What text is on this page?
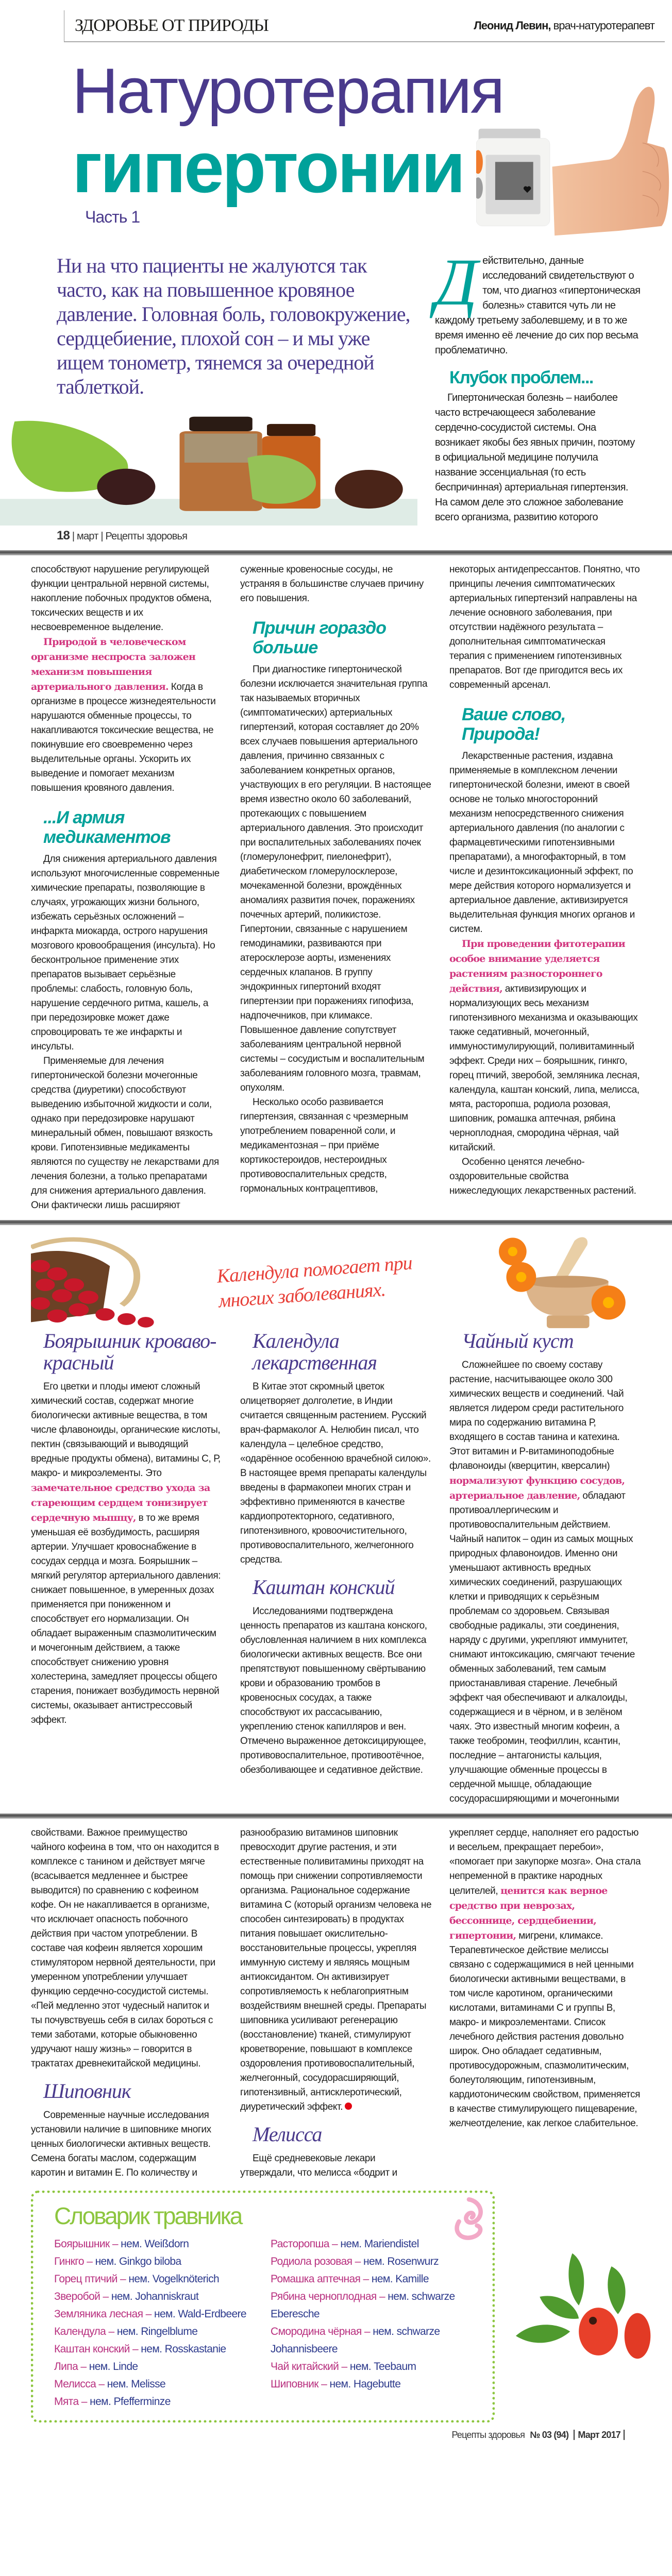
ЗДОРОВЬЕ ОТ ПРИРОДЫ	Леонид Левин, врач-натуротерапевт
Натуротерапия
гипертонии
Часть 1
Ни на что пациенты не жалуются так часто, как на повышенное кровяное давление. Головная боль, головокружение, сердцебиение, плохой сон – и мы уже ищем тонометр, тянемся за очередной таблеткой.
18 | март | Рецепты здоровья
Д ействительно, данные исследований свидетельствуют о том, что диагноз «гипертоническая болезнь» ставится чуть ли не каждому третьему заболевшему, и в то же время именно её лечение до сих пор весьма проблематично.
Клубок проблем...

Гипертоническая болезнь – наиболее часто встречающееся заболевание сердечно-сосудистой системы. Она возникает якобы без явных причин, поэтому в официальной медицине получила название эссенциальная (то есть беспричинная) артериальная гипертензия. На самом деле это сложное заболевание всего организма, развитию которого

способствуют нарушение регулирующей функции центральной нервной системы, накопление побочных продуктов обмена, токсических веществ и их несвоевременное выделение.

Природой в человеческом организме неспроста заложен механизм повышения артериального давления. Когда в организме в процессе жизнедеятельности нарушаются обменные процессы, то накапливаются токсические вещества, не покинувшие его своевременно через выделительные органы. Ускорить их выведение и помогает механизм повышения кровяного давления.

...И армия медикаментов

Для снижения артериального давления используют многочисленные современные химические препараты, позволяющие в случаях, угрожающих жизни больного, избежать серьёзных осложнений – инфаркта миокарда, острого нарушения мозгового кровообращения (инсульта). Но бесконтрольное применение этих препаратов вызывает серьёзные проблемы: слабость, головную боль, нарушение сердечного ритма, кашель, а при передозировке может даже спровоцировать те же инфаркты и инсульты.

Применяемые для лечения гипертонической болезни мочегонные средства (диуретики) способствуют выведению избыточной жидкости и соли, однако при передозировке нарушают минеральный обмен, повышают вязкость крови. Гипотензивные медикаменты являются по существу не лекарствами для лечения болезни, а только препаратами

для снижения артериального давления. Они фактически лишь расширяют суженные кровеносные сосуды, не устраняя в большинстве случаев причину его повышения.

Причин гораздо больше

При диагностике гипертонической болезни исключается значительная группа так называемых вторичных (симптоматических) артериальных гипертензий, которая составляет до 20% всех случаев повышения артериального давления, причинно связанных с заболеванием конкретных органов, участвующих в его регуляции. В настоящее время известно около 60 заболеваний, протекающих с повышением артериального давления. Это происходит при воспалительных заболеваниях почек (гломерулонефрит, пиелонефрит), диабетическом гломерулосклерозе, мочекаменной болезни, врождённых аномалиях развития почек, поражениях почечных артерий, поликистозе. Гипертонии, связанные с нарушением гемодинамики, развиваются при атеросклерозе аорты, изменениях сердечных клапанов. В группу эндокринных гипертоний входят гипертензии при поражениях гипофиза, надпочечников, при климаксе. Повышенное давление сопутствует заболеваниям центральной нервной системы – сосудистым и воспалительным заболеваниям головного мозга, травмам, опухолям.

Несколько особо развивается гипертензия, связанная с чрезмерным употреблением поваренной соли, и медикаментозная – при приёме кортикостероидов, нестероидных противовоспалительных средств, гормональных контрацептивов,

некоторых антидепрессантов. Понятно, что принципы лечения симптоматических артериальных гипертензий направлены на лечение основного заболевания, при отсутствии надёжного результата – дополнительная симптоматическая терапия с применением гипотензивных препаратов. Вот где пригодится весь их современный арсенал.

Ваше слово, Природа!

Лекарственные растения, издавна применяемые в комплексном лечении гипертонической болезни, имеют в своей основе не только многосторонний механизм непосредственного снижения артериального давления (по аналогии с фармацевтическими гипотензивными препаратами), а многофакторный, в том числе и дезинтоксикационный эффект, по мере действия которого нормализуется и артериальное давление, активизируется выделительная функция многих органов и систем.

При проведении фитотерапии особое внимание уделяется растениям разностороннего действия, активизирующих и нормализующих весь механизм гипотензивного механизма и оказывающих также седативный, мочегонный, иммуностимулирующий, поливитаминный эффект. Среди них – боярышник, гинкго, горец птичий, зверобой, земляника лесная, календула, каштан конский, липа, мелисса, мята, расторопша, родиола розовая, шиповник, ромашка аптечная, рябина черноплодная, смородина чёрная, чай китайский.

Особенно ценятся лечебно-оздоровительные свойства нижеследующих лекарственных растений.

Календула помогает при многих заболеваниях.
Боярышник кроваво-красный

Его цветки и плоды имеют сложный химический состав, содержат многие биологически активные вещества, в том числе флавоноиды, органические кислоты, пектин (связывающий и выводящий вредные продукты обмена), витамины С, Р, макро- и микроэлементы. Это замечательное средство ухода за стареющим сердцем тонизирует сердечную мышцу, в то же время уменьшая её возбудимость, расширяя артерии. Улучшает кровоснабжение в сосудах сердца и мозга. Боярышник – мягкий регулятор артериального давления: снижает повышенное, в умеренных дозах применяется при пониженном и способствует его нормализации. Он обладает выраженным спазмолитическим и мочегонным действием, а также способствует снижению уровня холестерина, замедляет процессы общего старения, понижает возбудимость нервной системы, оказывает антистрессовый эффект.

Календула лекарственная

В Китае этот скромный цветок олицетворяет долголетие, в Индии считается священным растением. Русский врач-фармаколог А. Нелюбин писал, что календула – целебное средство, «одарённое особенною врачебной силою». В настоящее время препараты календулы введены в фармакопеи многих стран и эффективно применяются в качестве кардиопротекторного, седативного, гипотензивного, кровоочистительного, противовоспалительного, желчегонного средства.

Каштан конский

Исследованиями подтверждена ценность препаратов из каштана конского, обусловленная наличием в них комплекса биологически активных веществ. Все они препятствуют повышенному свёртыванию крови и образованию тромбов в кровеносных сосудах, а также способствуют их рассасыванию, укреплению стенок капилляров и вен. Отмечено выраженное детоксицирующее, противовоспалительное, противоотёчное, обезболивающее и седативное действие.

Чайный куст

Сложнейшее по своему составу растение, насчитывающее около 300 химических веществ и соединений. Чай является лидером среди растительного мира по содержанию витамина Р, входящего в состав танина и катехина. Этот витамин и Р-витаминоподобные флавоноиды (кверцитин, кверсалин) нормализуют функцию сосудов, артериальное давление, обладают противоаллергическим и противовоспалительным действием. Чайный напиток – один из самых мощных природных флавоноидов. Именно они уменьшают активность вредных химических соединений, разрушающих клетки и приводящих к серьёзным проблемам со здоровьем. Связывая свободные радикалы, эти соединения, наряду с другими, укрепляют иммунитет, снимают интоксикацию, смягчают течение обменных заболеваний, тем самым приостанавливая старение. Лечебный эффект чая обеспечивают и алкалоиды, содержащиеся и в чёрном, и в зелёном чаях. Это известный многим кофеин, а также теобромин, теофиллин, ксантин, последние – антагонисты кальция, улучшающие обменные процессы в сердечной мышце, обладающие сосудорасширяющими и мочегонными

свойствами. Важное преимущество чайного кофеина в том, что он находится в комплексе с танином и действует мягче (всасывается медленнее и быстрее выводится) по сравнению с кофеином кофе. Он не накапливается в организме, что исключает опасность побочного действия при частом употреблении. В составе чая кофеин является хорошим стимулятором нервной деятельности, при умеренном употреблении улучшает функцию сердечно-сосудистой системы. «Пей медленно этот чудесный напиток и ты почувствуешь себя в силах бороться с теми заботами, которые обыкновенно удручают нашу жизнь» – говорится в трактатах древнекитайской медицины.

Шиповник

Современные научные исследования установили наличие в шиповнике многих ценных биологически активных веществ. Семена богаты маслом, содержащим каротин и витамин Е. По количеству и разнообразию витаминов шиповник превосходит другие растения, и эти естественные поливитамины приходят на помощь при снижении сопротивляемости организма. Рациональное содержание витамина С (который организм человека не способен синтезировать) в продуктах питания повышает окислительно-восстановительные процессы, укрепляя иммунную систему и являясь мощным антиоксидантом. Он активизирует сопротивляемость к неблагоприятным воздействиям внешней среды. Препараты шиповника усиливают регенерацию (восстановление) тканей, стимулируют кроветворение, повышают в комплексе оздоровления противовоспалительный, желчегонный, сосудорасширяющий, гипотензивный, антисклеротический, диуретический эффект.

Мелисса

Ещё средневековые лекари утверждали, что мелисса «бодрит и укрепляет сердце, наполняет его радостью и весельем, прекращает перебои», «помогает при закупорке мозга». Она стала непременной в практике народных целителей, ценится как верное средство при неврозах, бессоннице, сердцебиении, гипертонии, мигрени, климаксе. Терапевтическое действие мелиссы связано с содержащимися в ней ценными биологически активными веществами, в том числе каротином, органическими кислотами, витаминами С и группы В, макро- и микроэлементами. Список лечебного действия растения довольно широк. Оно обладает седативным, противосудорожным, спазмолитическим, болеутоляющим, гипотензивным, кардиотоническим свойством, применяется в качестве стимулирующего пищеварение, желчеотделение, как легкое слабительное.

Словарик травника
Боярышник – нем. Weißdorn
Гинкго – нем. Ginkgo biloba
Горец птичий – нем. Vogelknöterich
Зверобой – нем. Johanniskraut
Земляника лесная – нем. Wald-Erdbeere
Календула – нем. Ringelblume
Каштан конский – нем. Rosskastanie
Липа – нем. Linde
Мелисса – нем. Melisse
Мята – нем. Pfefferminze
Расторопша – нем. Mariendistel
Родиола розовая – нем. Rosenwurz
Ромашка аптечная – нем. Kamille
Рябина черноплодная – нем. schwarze Eberesche
Смородина чёрная – нем. schwarze Johannisbeere
Чай китайский – нем. Teebaum
Шиповник – нем. Hagebutte
Рецепты здоровья № 03 (94) Март 2017
